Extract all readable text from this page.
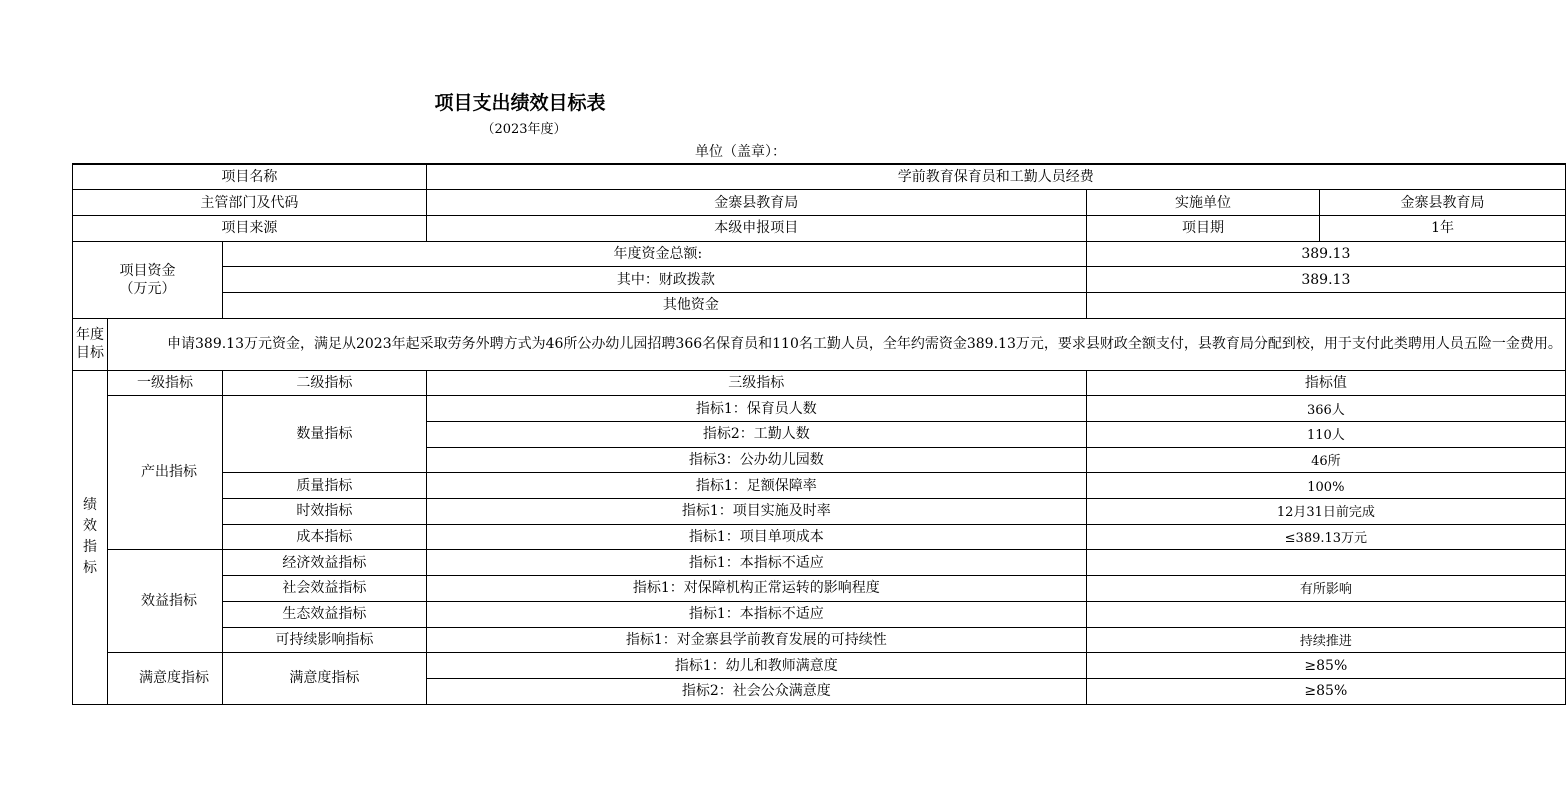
项目支出绩效目标表
（2023年度）
单位（盖章）：
项目名称			学前教育保育员和工勤人员经费		
主管部门及代码			金寨县教育局	实施单位	金寨县教育局
项目来源			本级申报项目	项目期	1年
项目资金
（万元）		年度资金总额:		389.13	
		其中：财政拨款		389.13	
		其他资金			
年度
目标	申请389.13万元资金，满足从2023年起采取劳务外聘方式为46所公办幼儿园招聘366名保育员和110名工勤人员，全年约需资金389.13万元，要求县财政全额支付，县教育局分配到校，用于支付此类聘用人员五险一金费用。				
绩效指标	一级指标	二级指标	三级指标	指标值	
	产出指标	数量指标	指标1：保育员人数	366人	
			指标2：工勤人数	110人	
			指标3：公办幼儿园数	46所	
		质量指标	指标1：足额保障率	100%	
		时效指标	指标1：项目实施及时率	12月31日前完成	
		成本指标	指标1：项目单项成本	≤389.13万元	
	效益指标	经济效益指标	指标1：本指标不适应		
		社会效益指标	指标1：对保障机构正常运转的影响程度	有所影响	
		生态效益指标	指标1：本指标不适应		
		可持续影响指标	指标1：对金寨县学前教育发展的可持续性	持续推进	
	满意度指标	满意度指标	指标1：幼儿和教师满意度	≥85%	
			指标2：社会公众满意度	≥85%	
